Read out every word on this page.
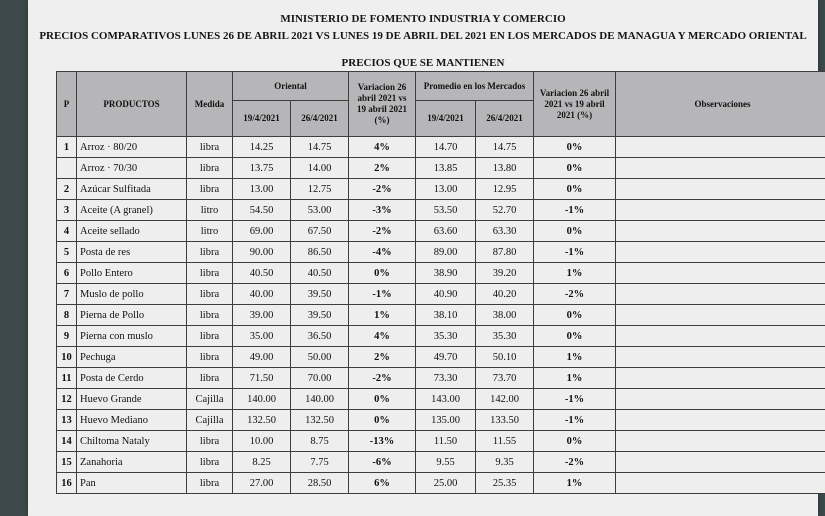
MINISTERIO DE FOMENTO INDUSTRIA Y COMERCIO
PRECIOS COMPARATIVOS LUNES 26 DE ABRIL 2021 VS LUNES 19 DE ABRIL DEL 2021 EN LOS MERCADOS DE MANAGUA Y MERCADO ORIENTAL
PRECIOS QUE SE MANTIENEN
P	PRODUCTOS	Medida	Oriental		Variacion 26 abril 2021 vs 19 abril 2021 (%)	Promedio en los Mercados		Variacion 26 abril 2021 vs 19 abril 2021 (%)	Observaciones
			19/4/2021	26/4/2021		19/4/2021	26/4/2021		
1	Arroz · 80/20	libra	14.25	14.75	4%	14.70	14.75	0%	
	Arroz · 70/30	libra	13.75	14.00	2%	13.85	13.80	0%	
2	Azúcar Sulfitada	libra	13.00	12.75	-2%	13.00	12.95	0%	
3	Aceite (A granel)	litro	54.50	53.00	-3%	53.50	52.70	-1%	
4	Aceite sellado	litro	69.00	67.50	-2%	63.60	63.30	0%	
5	Posta de res	libra	90.00	86.50	-4%	89.00	87.80	-1%	
6	Pollo Entero	libra	40.50	40.50	0%	38.90	39.20	1%	
7	Muslo de pollo	libra	40.00	39.50	-1%	40.90	40.20	-2%	
8	Pierna de Pollo	libra	39.00	39.50	1%	38.10	38.00	0%	
9	Pierna con muslo	libra	35.00	36.50	4%	35.30	35.30	0%	
10	Pechuga	libra	49.00	50.00	2%	49.70	50.10	1%	
11	Posta de Cerdo	libra	71.50	70.00	-2%	73.30	73.70	1%	
12	Huevo Grande	Cajilla	140.00	140.00	0%	143.00	142.00	-1%	
13	Huevo Mediano	Cajilla	132.50	132.50	0%	135.00	133.50	-1%	
14	Chiltoma Nataly	libra	10.00	8.75	-13%	11.50	11.55	0%	
15	Zanahoria	libra	8.25	7.75	-6%	9.55	9.35	-2%	
16	Pan	libra	27.00	28.50	6%	25.00	25.35	1%	
